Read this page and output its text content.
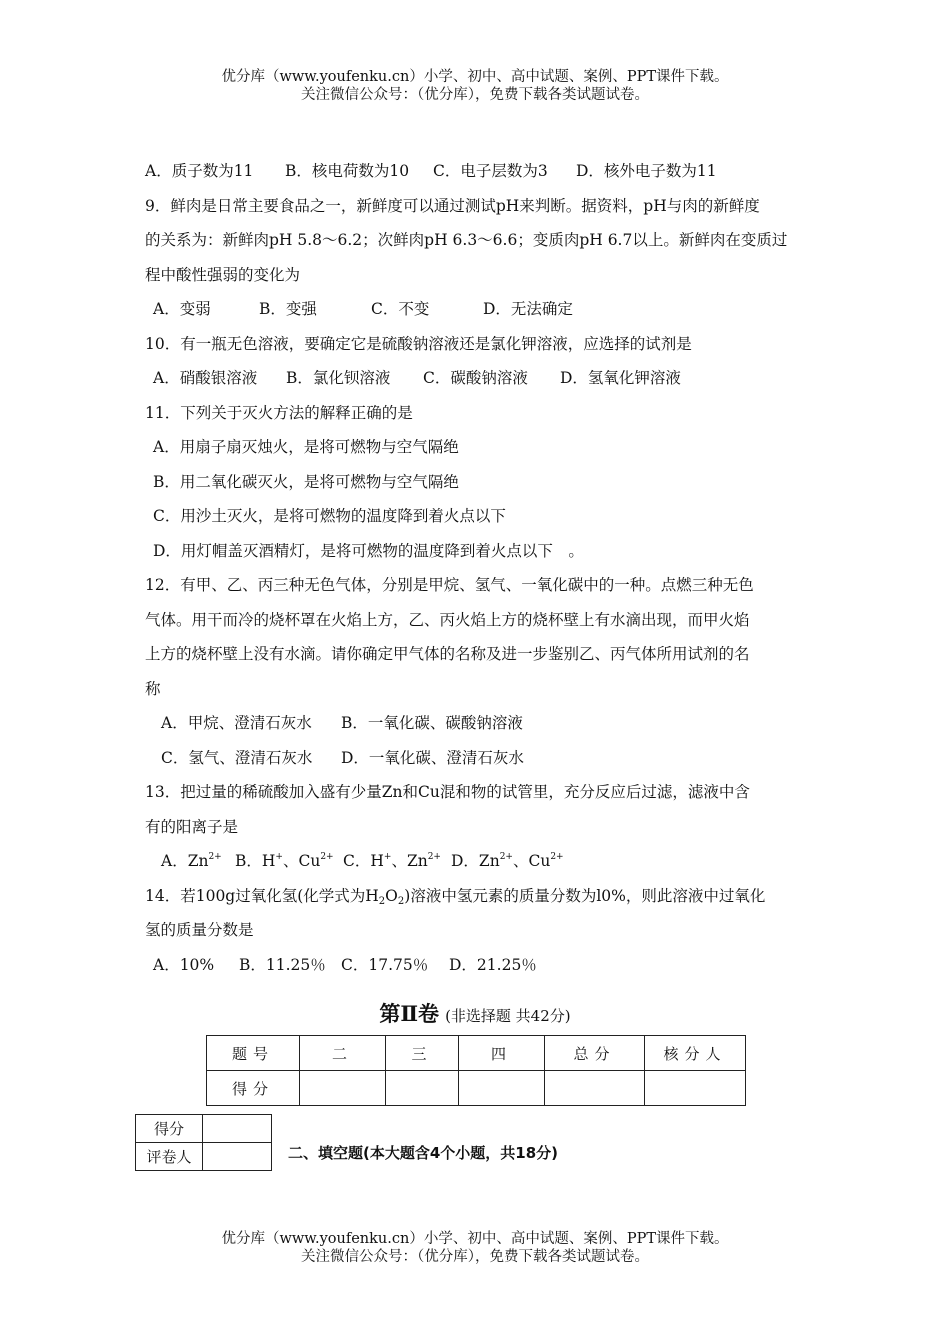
优分库（www.youfenku.cn）小学、初中、高中试题、案例、PPT课件下载。
关注微信公众号：（优分库），免费下载各类试题试卷。
A．质子数为11 B．核电荷数为10 C．电子层数为3 D．核外电子数为11
9．鲜肉是日常主要食品之一，新鲜度可以通过测试pH来判断。据资料，pH与肉的新鲜度
的关系为：新鲜肉pH 5.8～6.2；次鲜肉pH 6.3～6.6；变质肉pH 6.7以上。新鲜肉在变质过
程中酸性强弱的变化为
A．变弱	B．变强	C．不变	D．无法确定
10．有一瓶无色溶液，要确定它是硫酸钠溶液还是氯化钾溶液，应选择的试剂是
A．硝酸银溶液 B．氯化钡溶液 C．碳酸钠溶液 D．氢氧化钾溶液
11．下列关于灭火方法的解释正确的是
A．用扇子扇灭烛火，是将可燃物与空气隔绝
B．用二氧化碳灭火，是将可燃物与空气隔绝
C．用沙土灭火，是将可燃物的温度降到着火点以下
D．用灯帽盖灭酒精灯，是将可燃物的温度降到着火点以下　。
12．有甲、乙、丙三种无色气体，分别是甲烷、氢气、一氧化碳中的一种。点燃三种无色
气体。用干而冷的烧杯罩在火焰上方，乙、丙火焰上方的烧杯壁上有水滴出现，而甲火焰
上方的烧杯壁上没有水滴。请你确定甲气体的名称及进一步鉴别乙、丙气体所用试剂的名
称
A．甲烷、澄清石灰水 B．一氧化碳、碳酸钠溶液
C．氢气、澄清石灰水 D．一氧化碳、澄清石灰水
13．把过量的稀硫酸加入盛有少量Zn和Cu混和物的试管里，充分反应后过滤，滤液中含
有的阳离子是
A．$Zn^{2+}$ B．H+、$Cu^{2+}$ C．H+、$Zn^{2+}$ D．$Zn^{2+}$、$Cu^{2+}$
14．若100g过氧化氢(化学式为$H_2O_2$)溶液中氢元素的质量分数为l0%，则此溶液中过氧化
氢的质量分数是
A．10% B．11.25％ C．17.75％ D．21.25％
第Ⅱ卷 (非选择题 共42分)
题号	二	三	四	总分	核分人
得分					
得分	
评卷人		二、填空题(本大题含4个小题，共18分)
优分库（www.youfenku.cn）小学、初中、高中试题、案例、PPT课件下载。
关注微信公众号：（优分库），免费下载各类试题试卷。
